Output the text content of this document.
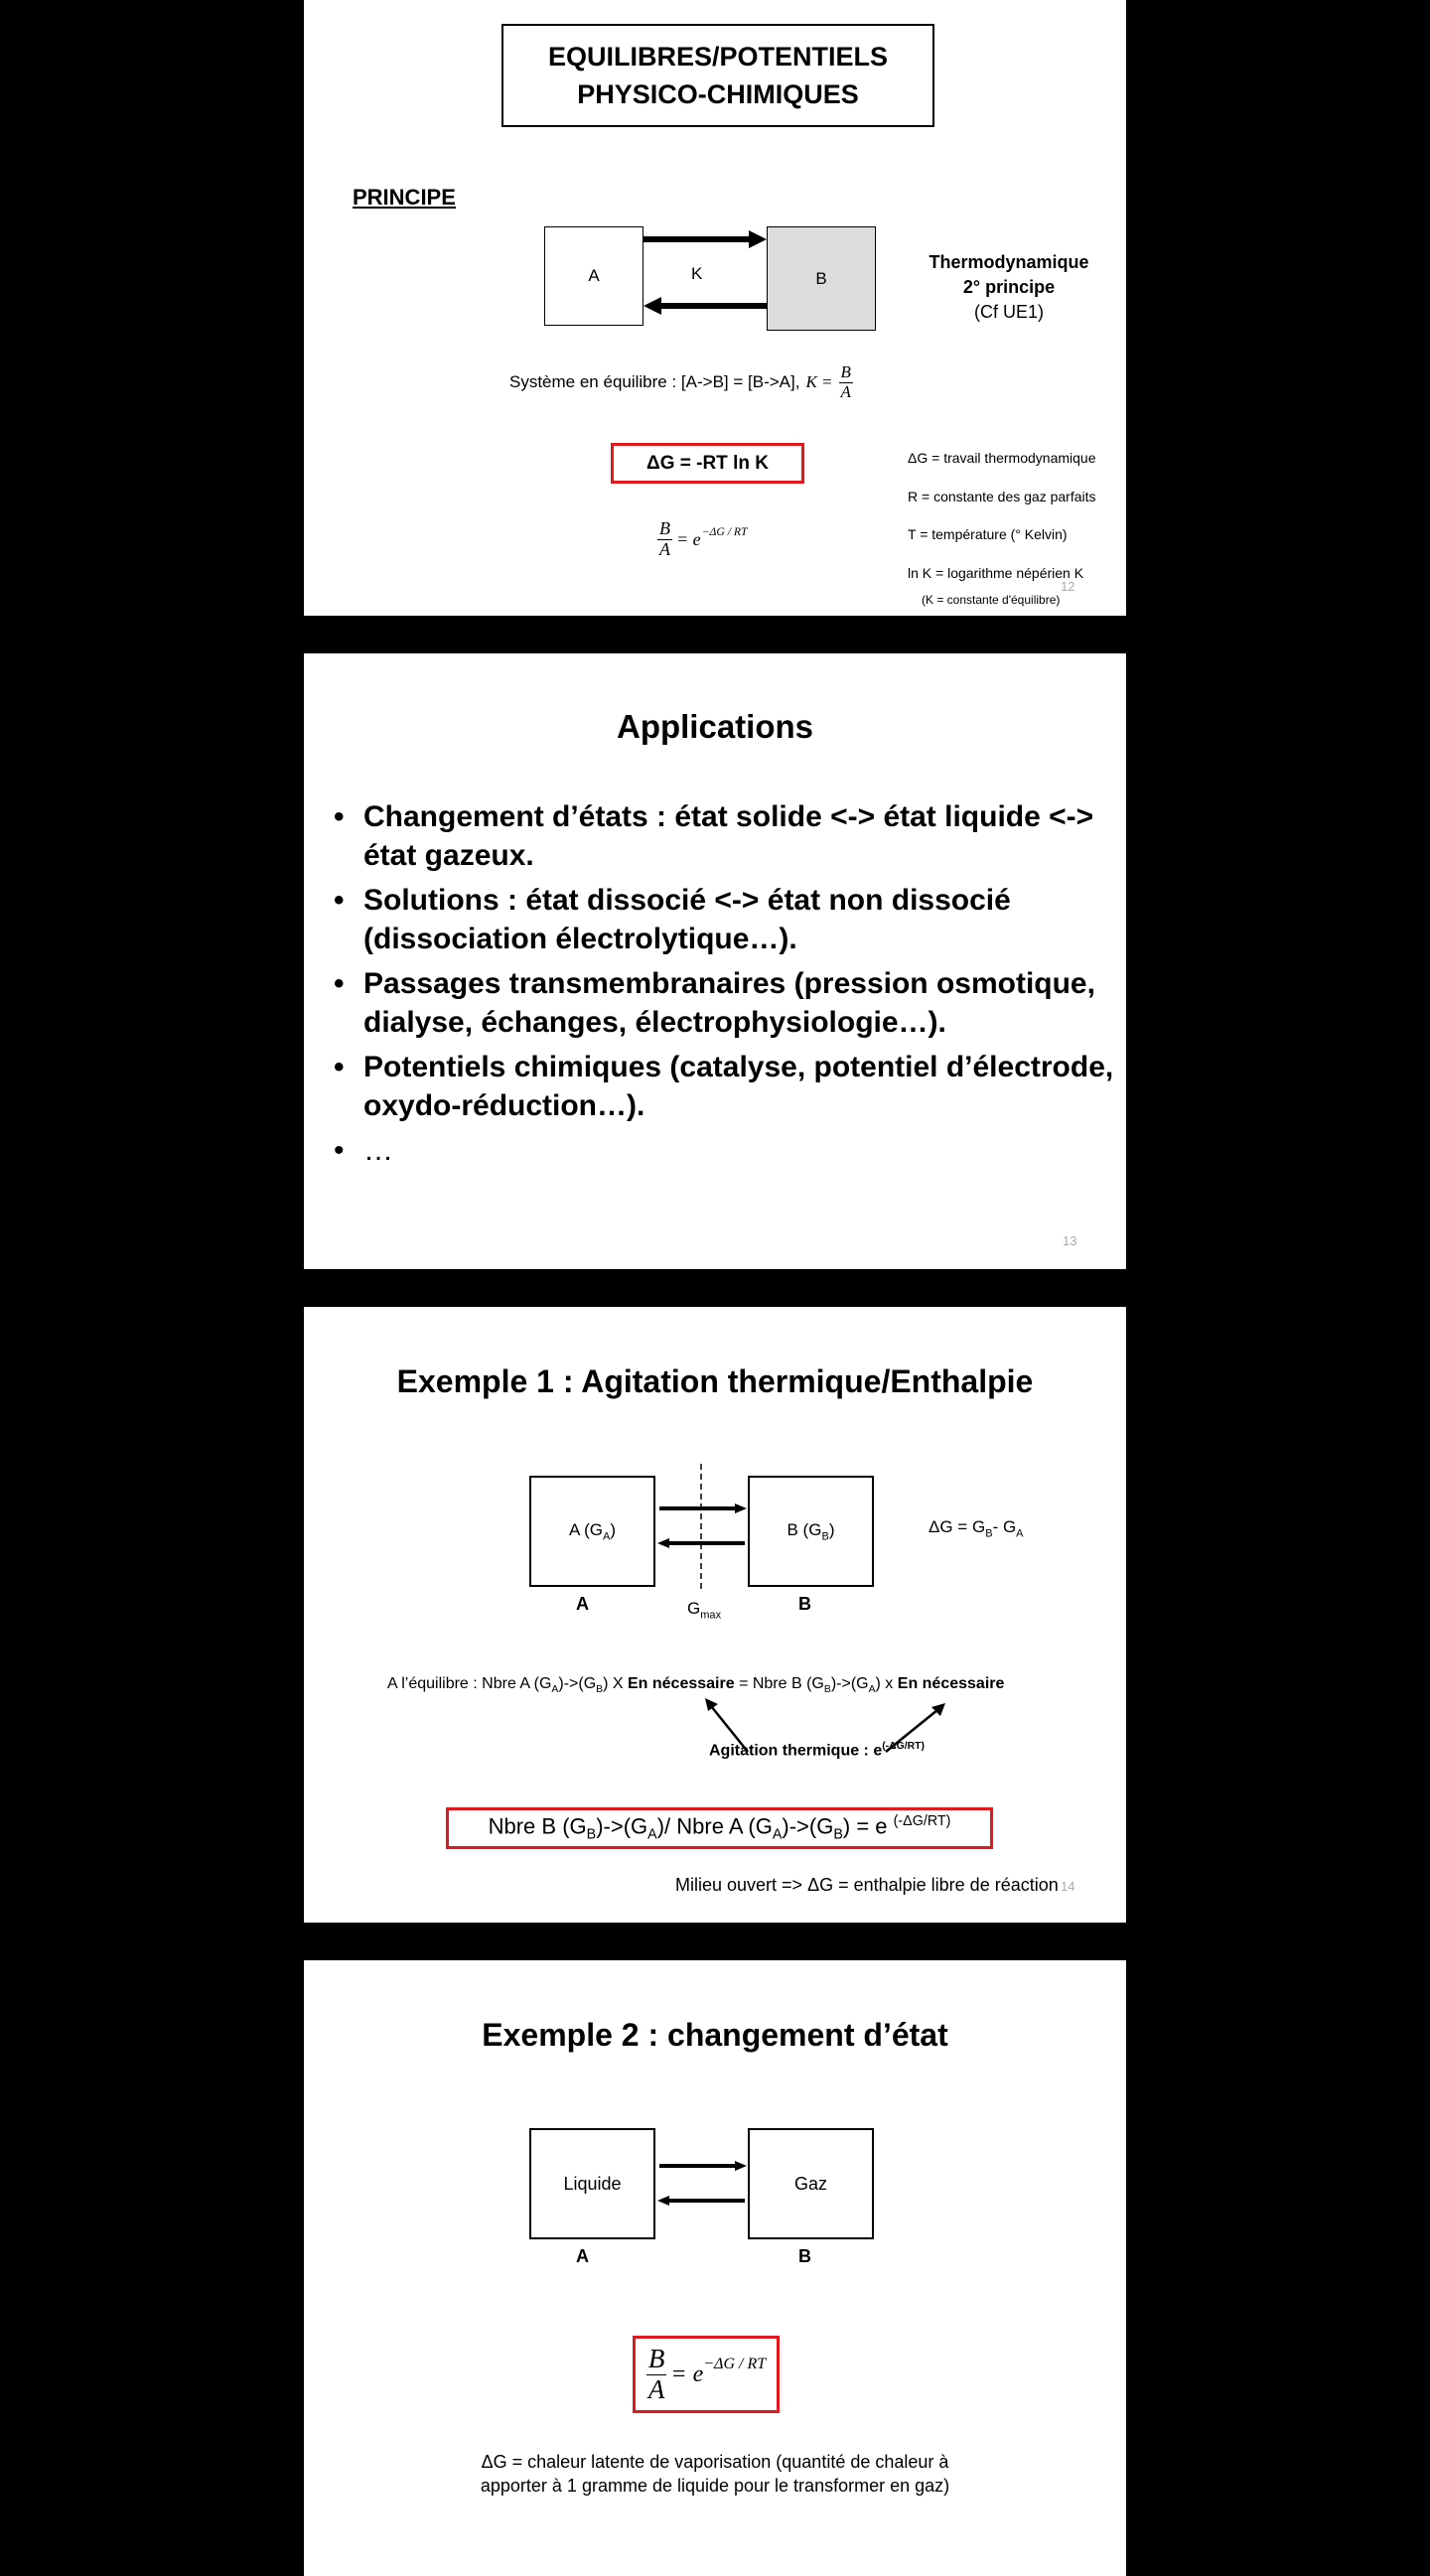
EQUILIBRES/POTENTIELS
PHYSICO-CHIMIQUES
PRINCIPE
A	B
K
Thermodynamique
2° principe
(Cf UE1)
Système en équilibre : [A->B] = [B->A], $K = \frac{B}{A}$
ΔG = -RT ln K
$\frac{B}{A} = e^{-\Delta G / RT}$
ΔG = travail thermodynamique
R = constante des gaz parfaits
T = température (° Kelvin)
ln K = logarithme népérien K
(K = constante d'équilibre)
12
Applications
• Changement d’états : état solide <-> état liquide <-> état gazeux.
• Solutions : état dissocié <-> état non dissocié (dissociation électrolytique…).
• Passages transmembranaires (pression osmotique, dialyse, échanges, électrophysiologie…).
• Potentiels chimiques (catalyse, potentiel d’électrode, oxydo-réduction…).
• …
13
Exemple 1 : Agitation thermique/Enthalpie
A $(G_A)$	B $(G_B)$
A	B
$G_{max}$
$\Delta G = G_B-$ $G_A$
A l’équilibre : Nbre A $(G_A)->(G_B)$ X En nécessaire = Nbre B $(G_B)->(G_A)$ x En nécessaire
Agitation thermique : $e^{(-\Delta G/RT)}$
Nbre B $(G_B)->(G_A)/$ Nbre A $(G_A)->(G_B) = e$ $^{(-\Delta G/RT)}$
Milieu ouvert => ΔG = enthalpie libre de réaction 14
Exemple 2 : changement d’état
Liquide	Gaz
A	B
$\frac{B}{A} = e^{-\Delta G / RT}$
ΔG = chaleur latente de vaporisation (quantité de chaleur à
apporter à 1 gramme de liquide pour le transformer en gaz)
